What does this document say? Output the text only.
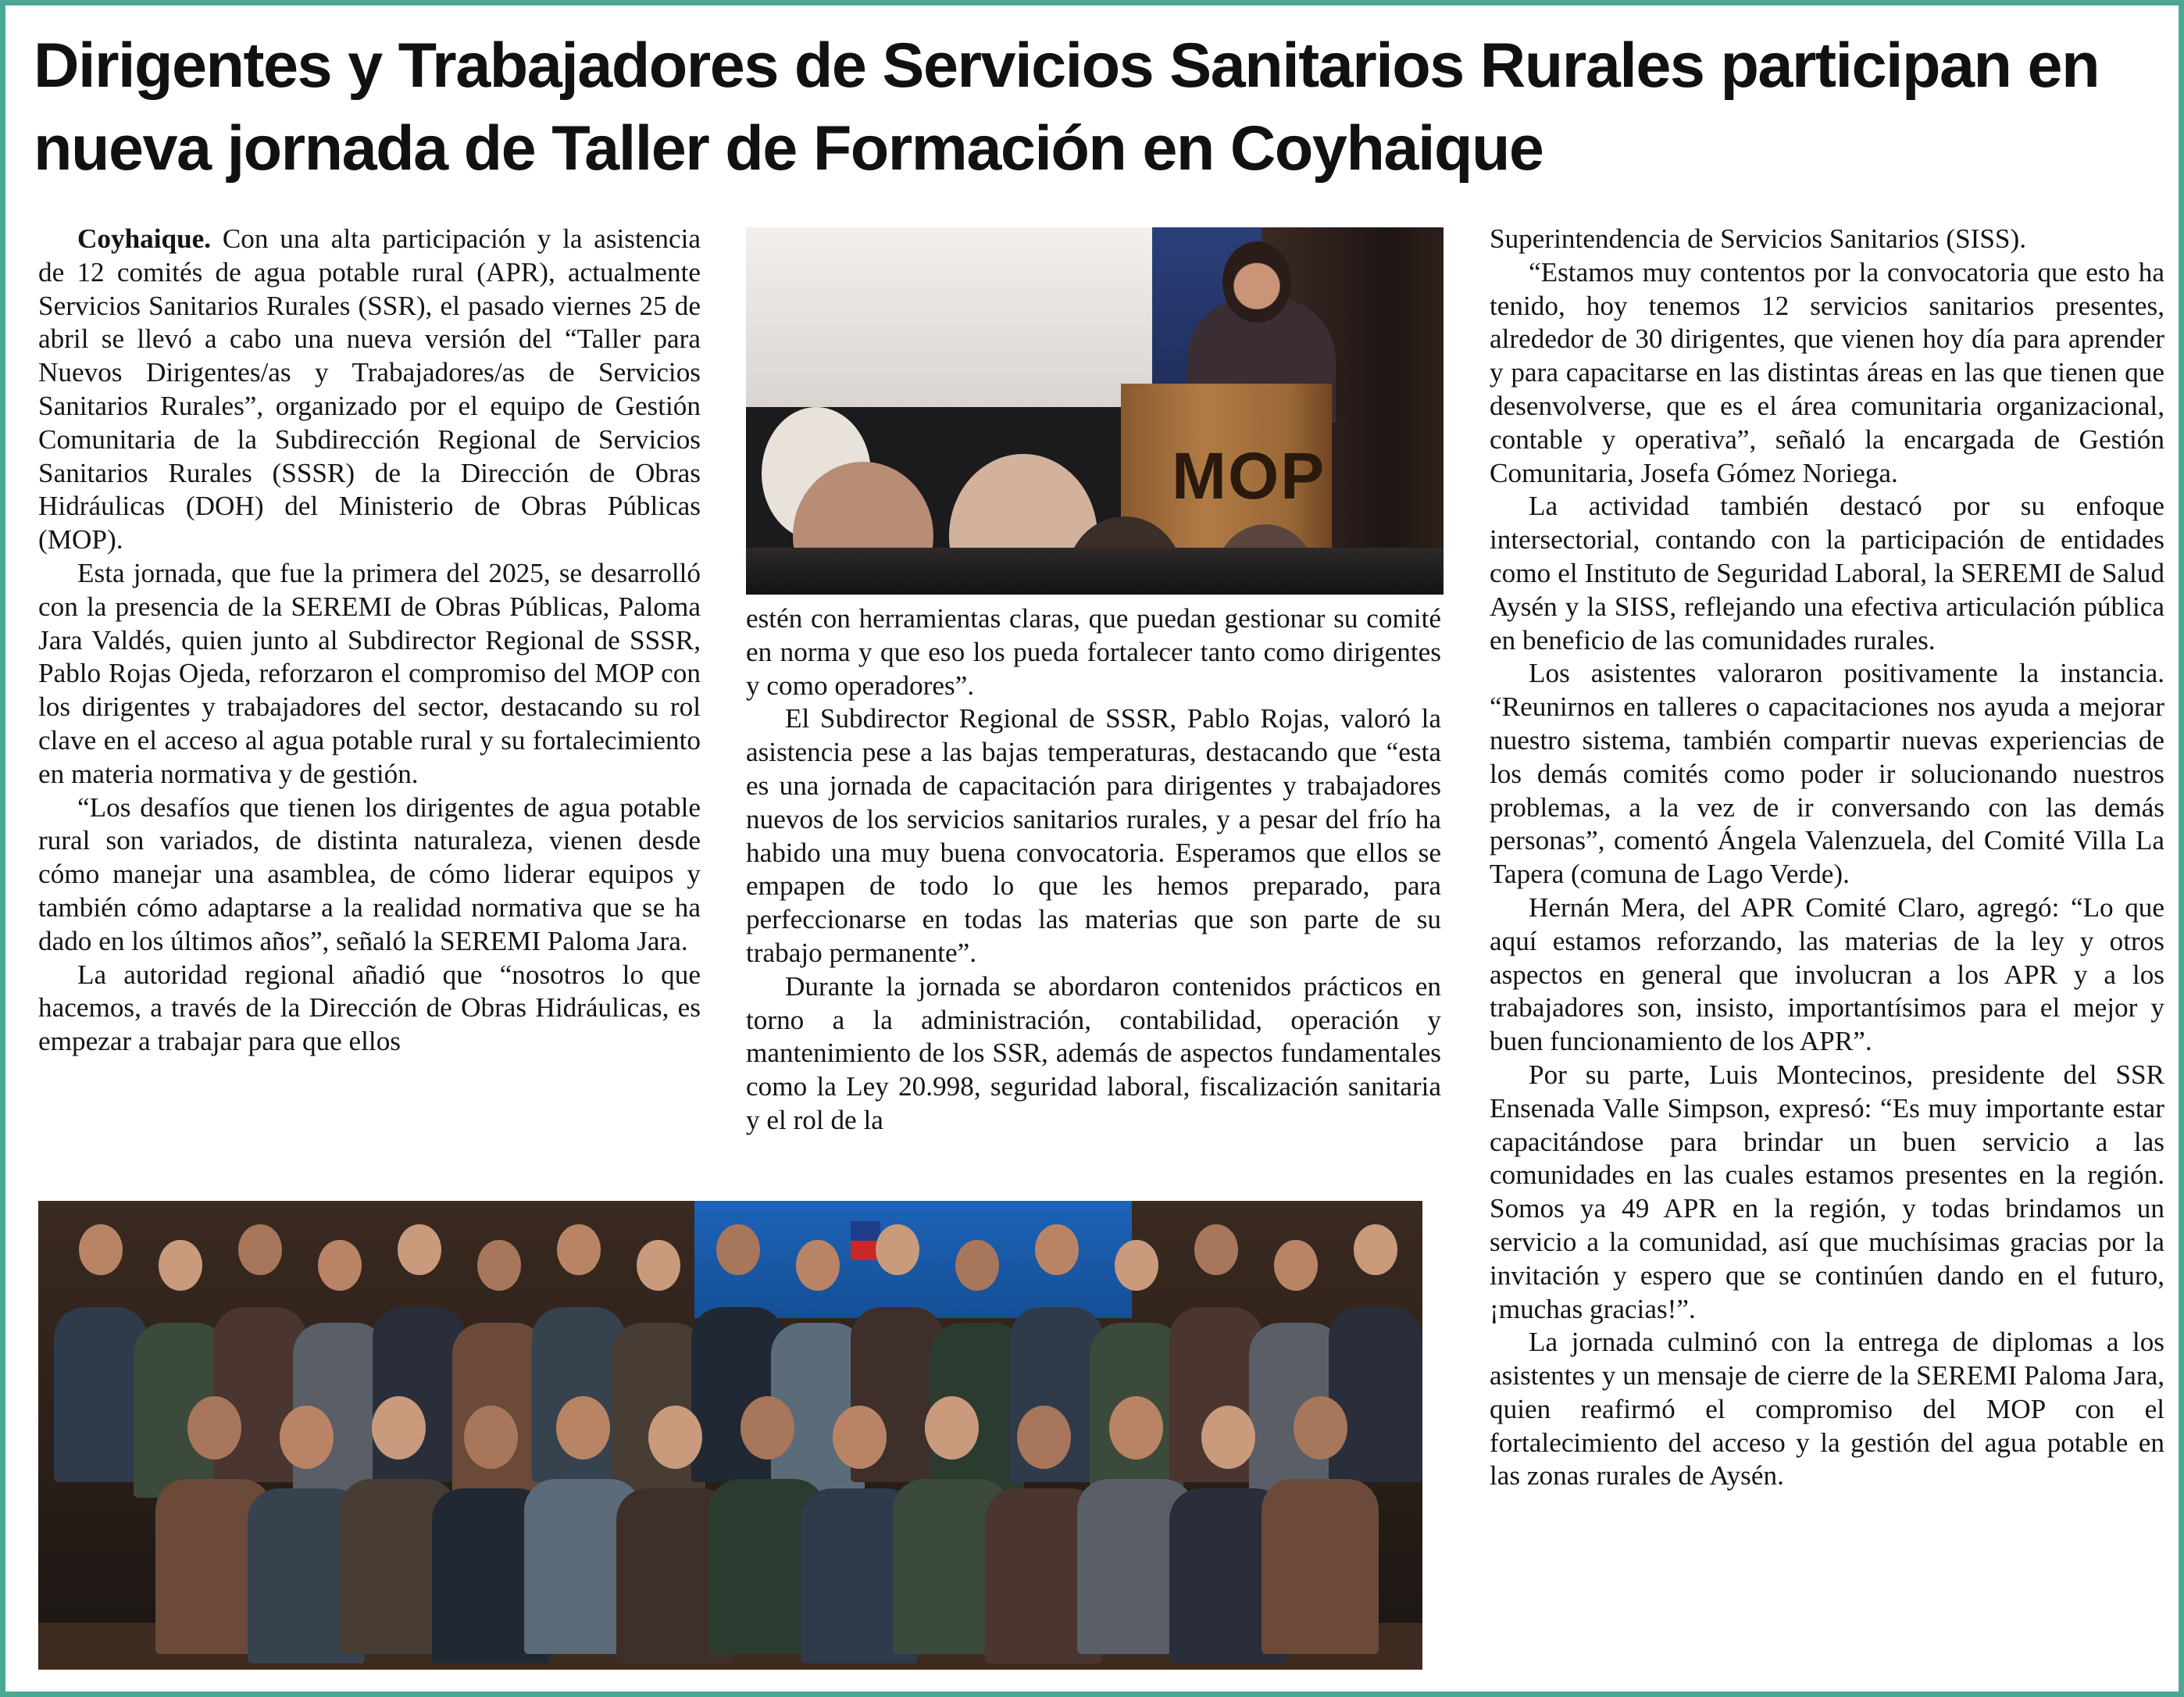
Dirigentes y Trabajadores de Servicios Sanitarios Rurales participan en nueva jornada de Taller de Formación en Coyhaique

Coyhaique. Con una alta participación y la asistencia de 12 comités de agua potable rural (APR), actualmente Servicios Sanitarios Rurales (SSR), el pasado viernes 25 de abril se llevó a cabo una nueva versión del “Taller para Nuevos Dirigentes/as y Trabajadores/as de Servicios Sanitarios Rurales”, organizado por el equipo de Gestión Comunitaria de la Subdirección Regional de Servicios Sanitarios Rurales (SSSR) de la Dirección de Obras Hidráulicas (DOH) del Ministerio de Obras Públicas (MOP).

Esta jornada, que fue la primera del 2025, se desarrolló con la presencia de la SEREMI de Obras Públicas, Paloma Jara Valdés, quien junto al Subdirector Regional de SSSR, Pablo Rojas Ojeda, reforzaron el compromiso del MOP con los dirigentes y trabajadores del sector, destacando su rol clave en el acceso al agua potable rural y su fortalecimiento en materia normativa y de gestión.

“Los desafíos que tienen los dirigentes de agua potable rural son variados, de distinta naturaleza, vienen desde cómo manejar una asamblea, de cómo liderar equipos y también cómo adaptarse a la realidad normativa que se ha dado en los últimos años”, señaló la SEREMI Paloma Jara.

La autoridad regional añadió que “nosotros lo que hacemos, a través de la Dirección de Obras Hidráulicas, es empezar a trabajar para que ellos

MOP

estén con herramientas claras, que puedan gestionar su comité en norma y que eso los pueda fortalecer tanto como dirigentes y como operadores”.

El Subdirector Regional de SSSR, Pablo Rojas, valoró la asistencia pese a las bajas temperaturas, destacando que “esta es una jornada de capacitación para dirigentes y trabajadores nuevos de los servicios sanitarios rurales, y a pesar del frío ha habido una muy buena convocatoria. Esperamos que ellos se empapen de todo lo que les hemos preparado, para perfeccionarse en todas las materias que son parte de su trabajo permanente”.

Durante la jornada se abordaron contenidos prácticos en torno a la administración, contabilidad, operación y mantenimiento de los SSR, además de aspectos fundamentales como la Ley 20.998, seguridad laboral, fiscalización sanitaria y el rol de la

Superintendencia de Servicios Sanitarios (SISS).

“Estamos muy contentos por la convocatoria que esto ha tenido, hoy tenemos 12 servicios sanitarios presentes, alrededor de 30 dirigentes, que vienen hoy día para aprender y para capacitarse en las distintas áreas en las que tienen que desenvolverse, que es el área comunitaria organizacional, contable y operativa”, señaló la encargada de Gestión Comunitaria, Josefa Gómez Noriega.

La actividad también destacó por su enfoque intersectorial, contando con la participación de entidades como el Instituto de Seguridad Laboral, la SEREMI de Salud Aysén y la SISS, reflejando una efectiva articulación pública en beneficio de las comunidades rurales.

Los asistentes valoraron positivamente la instancia. “Reunirnos en talleres o capacitaciones nos ayuda a mejorar nuestro sistema, también compartir nuevas experiencias de los demás comités como poder ir solucionando nuestros problemas, a la vez de ir conversando con las demás personas”, comentó Ángela Valenzuela, del Comité Villa La Tapera (comuna de Lago Verde).

Hernán Mera, del APR Comité Claro, agregó: “Lo que aquí estamos reforzando, las materias de la ley y otros aspectos en general que involucran a los APR y a los trabajadores son, insisto, importantísimos para el mejor y buen funcionamiento de los APR”.

Por su parte, Luis Montecinos, presidente del SSR Ensenada Valle Simpson, expresó: “Es muy importante estar capacitándose para brindar un buen servicio a las comunidades en las cuales estamos presentes en la región. Somos ya 49 APR en la región, y todas brindamos un servicio a la comunidad, así que muchísimas gracias por la invitación y espero que se continúen dando en el futuro, ¡muchas gracias!”.

La jornada culminó con la entrega de diplomas a los asistentes y un mensaje de cierre de la SEREMI Paloma Jara, quien reafirmó el compromiso del MOP con el fortalecimiento del acceso y la gestión del agua potable en las zonas rurales de Aysén.
